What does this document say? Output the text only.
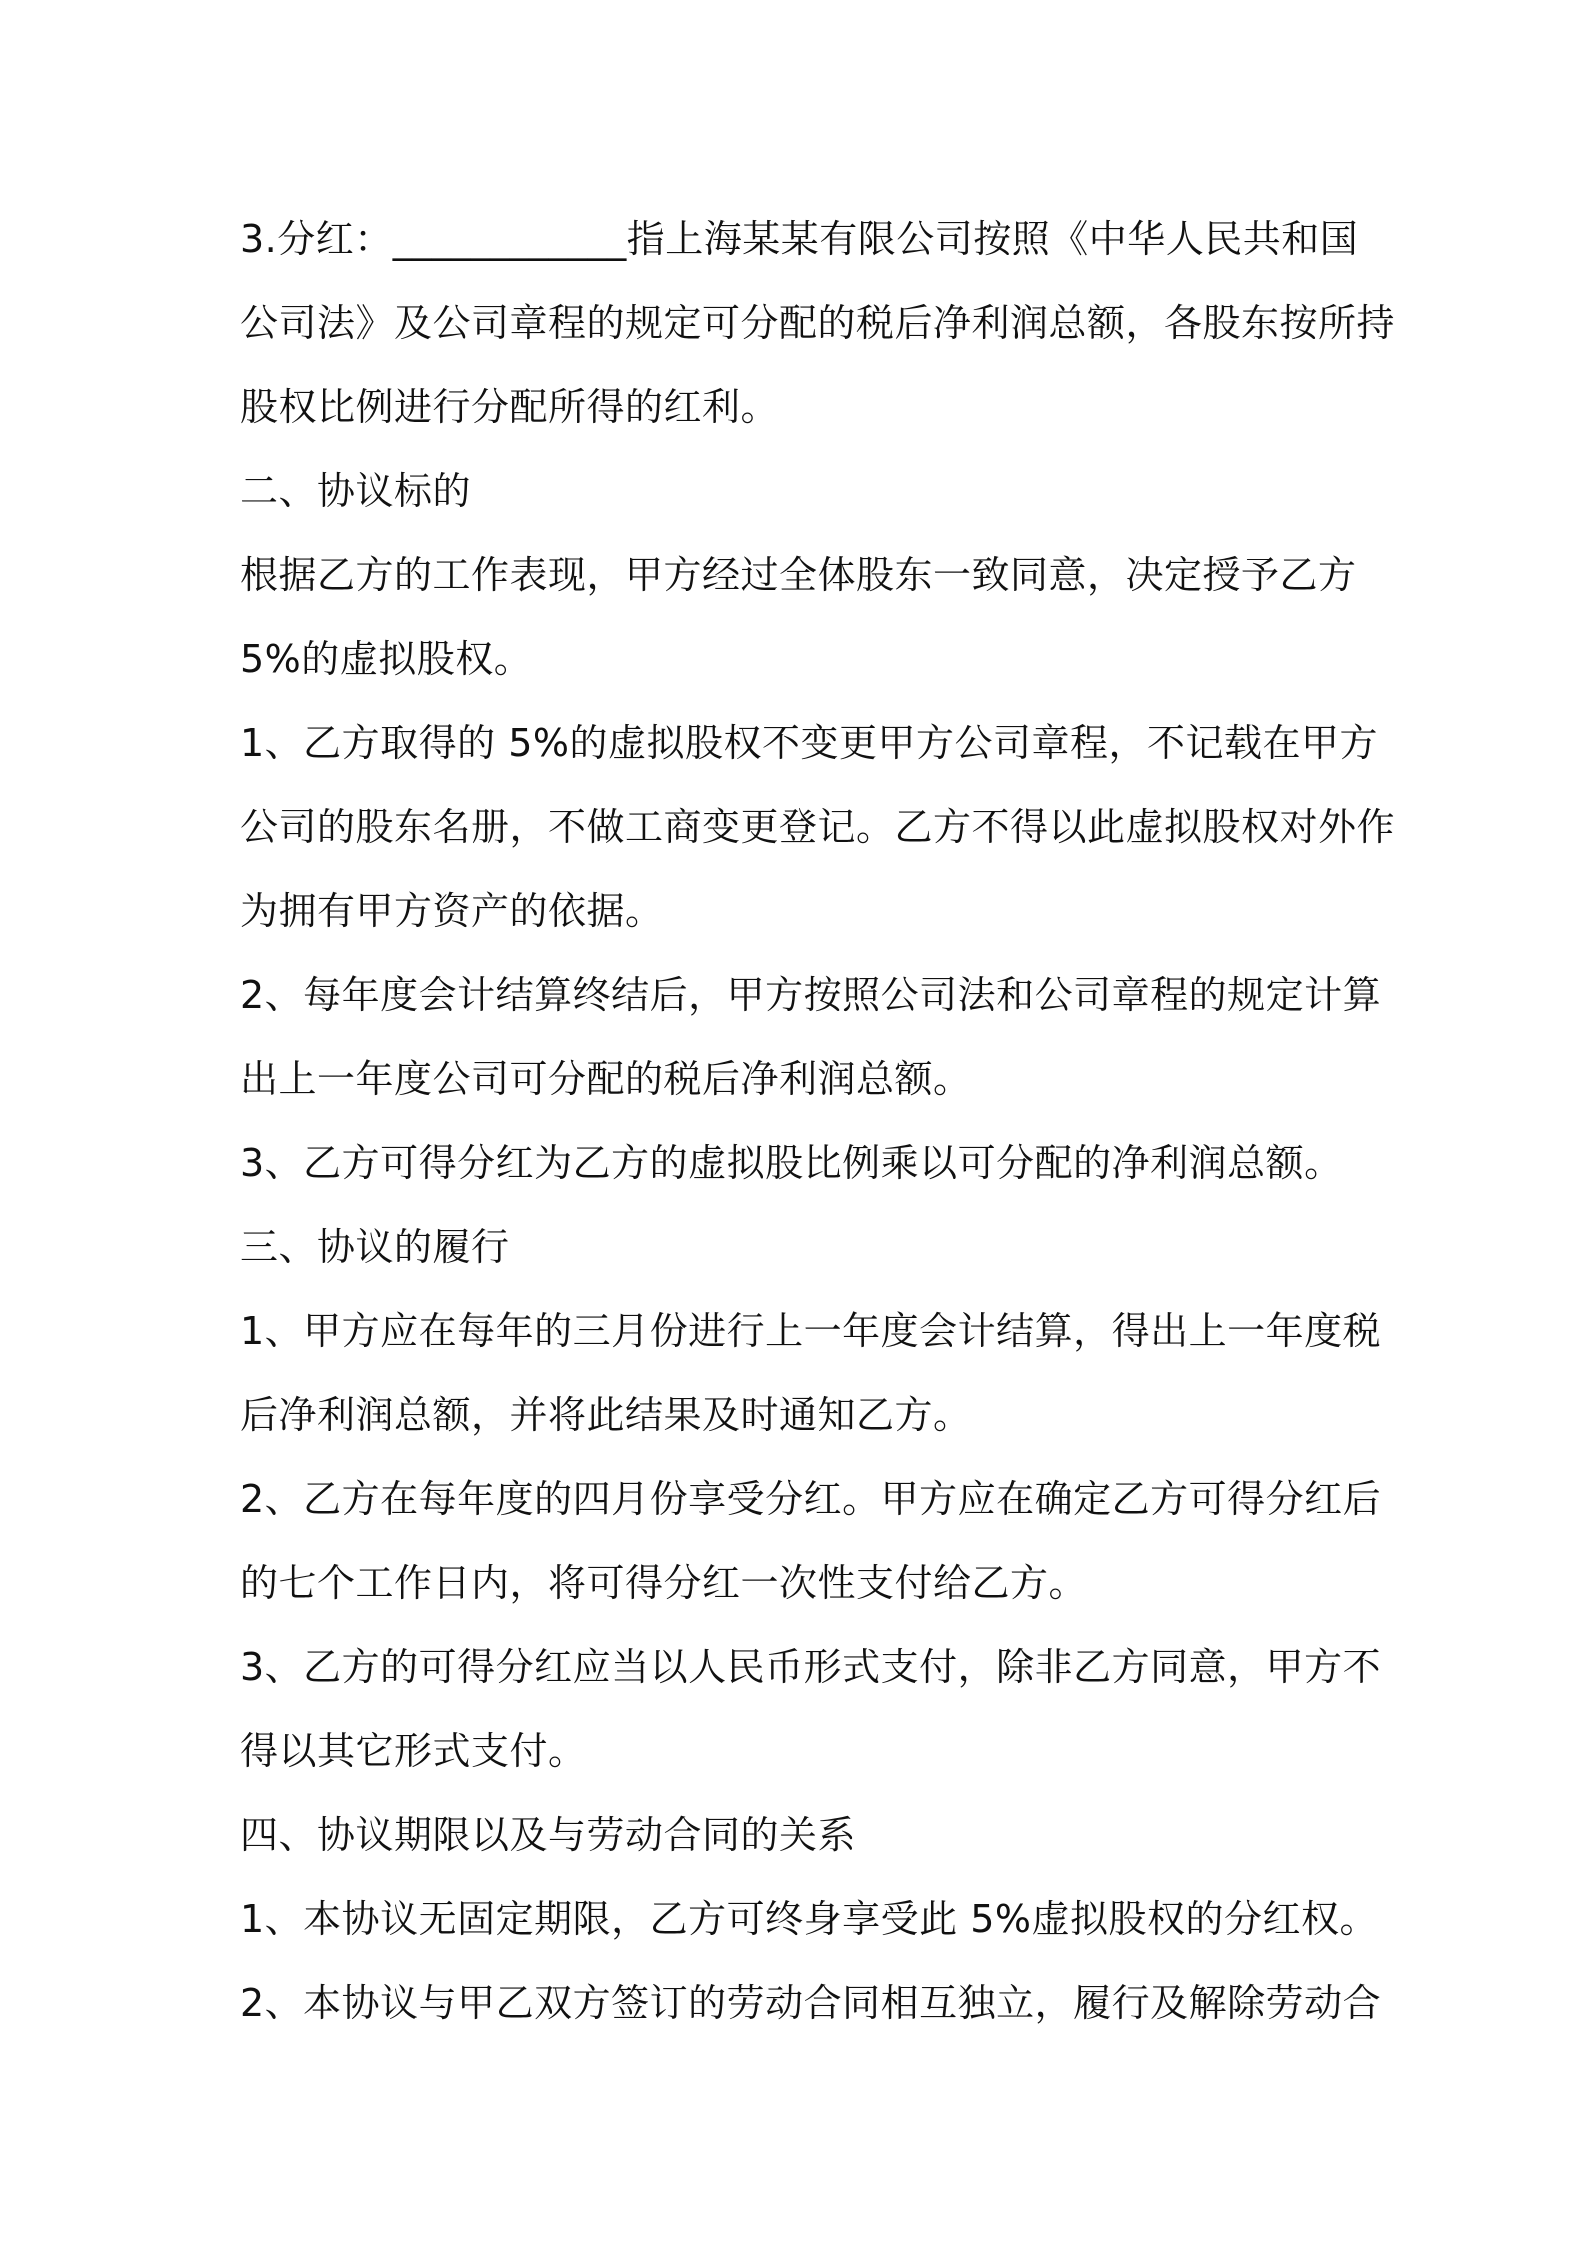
3.分红：____________指上海某某有限公司按照《中华人民共和国
公司法》及公司章程的规定可分配的税后净利润总额，各股东按所持
股权比例进行分配所得的红利。
二、协议标的
根据乙方的工作表现，甲方经过全体股东一致同意，决定授予乙方
5%的虚拟股权。
1、乙方取得的 5%的虚拟股权不变更甲方公司章程，不记载在甲方
公司的股东名册，不做工商变更登记。乙方不得以此虚拟股权对外作
为拥有甲方资产的依据。
2、每年度会计结算终结后，甲方按照公司法和公司章程的规定计算
出上一年度公司可分配的税后净利润总额。
3、乙方可得分红为乙方的虚拟股比例乘以可分配的净利润总额。
三、协议的履行
1、甲方应在每年的三月份进行上一年度会计结算，得出上一年度税
后净利润总额，并将此结果及时通知乙方。
2、乙方在每年度的四月份享受分红。甲方应在确定乙方可得分红后
的七个工作日内，将可得分红一次性支付给乙方。
3、乙方的可得分红应当以人民币形式支付，除非乙方同意，甲方不
得以其它形式支付。
四、协议期限以及与劳动合同的关系
1、本协议无固定期限，乙方可终身享受此 5%虚拟股权的分红权。
2、本协议与甲乙双方签订的劳动合同相互独立，履行及解除劳动合
